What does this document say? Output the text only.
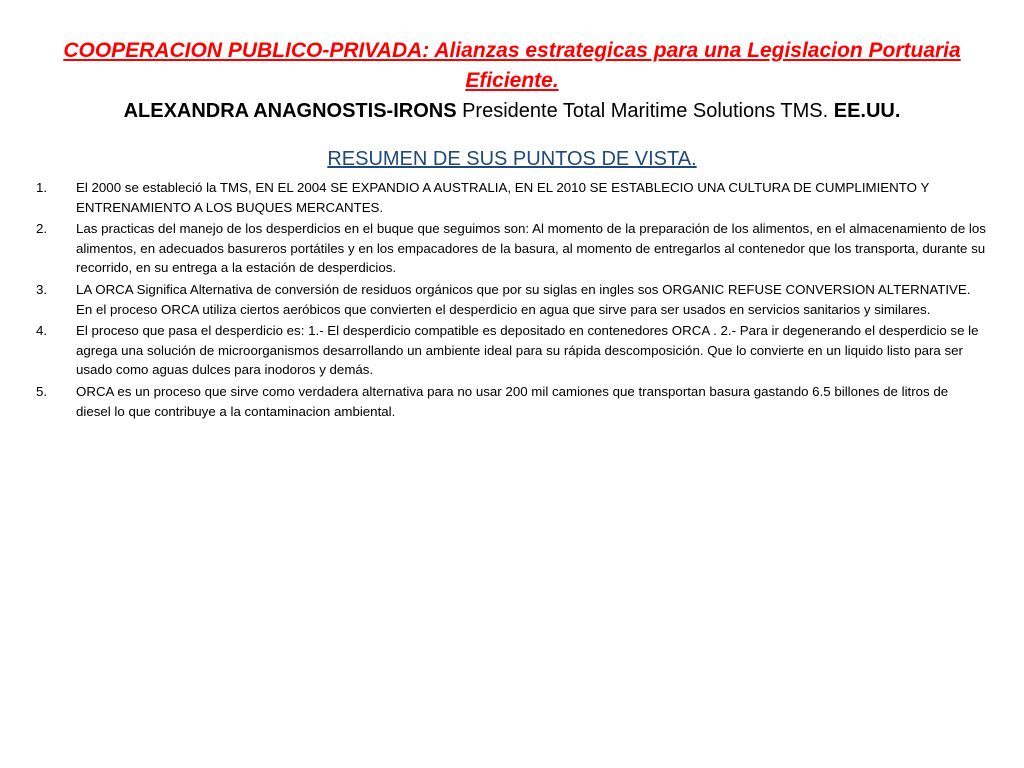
COOPERACION PUBLICO-PRIVADA: Alianzas estrategicas para una Legislacion Portuaria Eficiente.
ALEXANDRA ANAGNOSTIS-IRONS Presidente Total Maritime Solutions TMS. EE.UU.
RESUMEN DE SUS PUNTOS DE VISTA.
1.	El 2000 se estableció la TMS, EN EL 2004 SE EXPANDIO A AUSTRALIA, EN EL 2010 SE ESTABLECIO UNA CULTURA DE CUMPLIMIENTO Y ENTRENAMIENTO A LOS BUQUES MERCANTES.
2.	Las practicas del manejo de los desperdicios en el buque que seguimos son: Al momento de la preparación de los alimentos, en el almacenamiento de los alimentos, en adecuados basureros portátiles y en los empacadores de la basura, al momento de entregarlos al contenedor que los transporta, durante su recorrido, en su entrega a la estación de desperdicios.
3.	LA ORCA Significa Alternativa de conversión de residuos orgánicos que por su siglas en ingles sos ORGANIC REFUSE CONVERSION ALTERNATIVE. En el proceso ORCA utiliza ciertos aeróbicos que convierten el desperdicio en agua que sirve para ser usados en servicios sanitarios y similares.
4.	El proceso que pasa el desperdicio es: 1.- El desperdicio compatible es depositado en contenedores ORCA . 2.- Para ir degenerando el desperdicio se le agrega una solución de microorganismos desarrollando un ambiente ideal para su rápida descomposición. Que lo convierte en un liquido listo para ser usado como aguas dulces para inodoros y demás.
5.	ORCA es un proceso que sirve como verdadera alternativa para no usar 200 mil camiones que transportan basura gastando 6.5 billones de litros de diesel lo que contribuye a la contaminacion ambiental.
